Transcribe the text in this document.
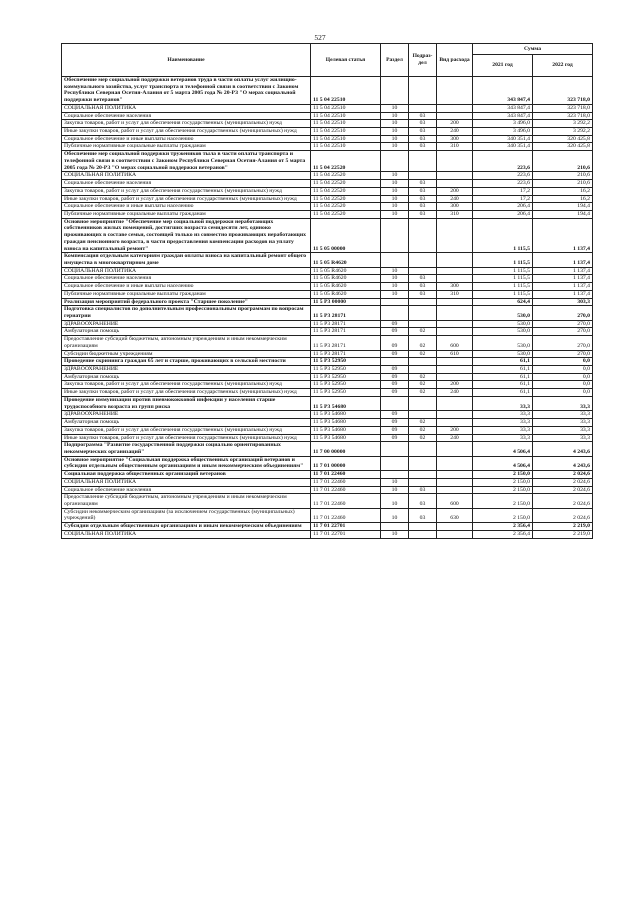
527
Наименование	Целевая статья	Раздел	Подраз-дел	Вид расхода	Сумма	
					2021 год	2022 год
Обеспечение мер социальной поддержки ветеранов труда в части оплаты услуг жилищно-коммунального хозяйства, услуг транспорта и телефонной связи в соответствии с Законом Республики Северная Осетия-Алания от 5 марта 2005 года № 20-РЗ "О мерах социальной поддержки ветеранов"	11 5 04 22510				343 847,4	323 718,0
СОЦИАЛЬНАЯ ПОЛИТИКА	11 5 04 22510	10			343 847,4	323 718,0
Социальное обеспечение населения	11 5 04 22510	10	03		343 847,4	323 718,0
Закупка товаров, работ и услуг для обеспечения государственных (муниципальных) нужд	11 5 04 22510	10	03	200	3 496,0	3 292,2
Иные закупки товаров, работ и услуг для обеспечения государственных (муниципальных) нужд	11 5 04 22510	10	03	240	3 496,0	3 292,2
Социальное обеспечение и иные выплаты населению	11 5 04 22510	10	03	300	340 351,4	320 425,8
Публичные нормативные социальные выплаты гражданам	11 5 04 22510	10	03	310	340 351,4	320 425,8
Обеспечение мер социальной поддержки тружеников тыла в части оплаты транспорта и телефонной связи в соответствии с Законом Республики Северная Осетия-Алания от 5 марта 2005 года № 20-РЗ "О мерах социальной поддержки ветеранов"	11 5 04 22520				223,6	210,6
СОЦИАЛЬНАЯ ПОЛИТИКА	11 5 04 22520	10			223,6	210,6
Социальное обеспечение населения	11 5 04 22520	10	03		223,6	210,6
Закупка товаров, работ и услуг для обеспечения государственных (муниципальных) нужд	11 5 04 22520	10	03	200	17,2	16,2
Иные закупки товаров, работ и услуг для обеспечения государственных (муниципальных) нужд	11 5 04 22520	10	03	240	17,2	16,2
Социальное обеспечение и иные выплаты населению	11 5 04 22520	10	03	300	206,4	194,4
Публичные нормативные социальные выплаты гражданам	11 5 04 22520	10	03	310	206,4	194,4
Основное мероприятие "Обеспечение мер социальной поддержки неработающих собственников жилых помещений, достигших возраста семидесяти лет, одиноко проживающих в составе семьи, состоящей только из совместно проживающих неработающих граждан пенсионного возраста, в части предоставления компенсации расходов на уплату взноса на капитальный ремонт"	11 5 05 00000				1 115,5	1 137,4
Компенсация отдельным категориям граждан оплаты взноса на капитальный ремонт общего имущества в многоквартирном доме	11 5 05 R4620				1 115,5	1 137,4
СОЦИАЛЬНАЯ ПОЛИТИКА	11 5 05 R4620	10			1 115,5	1 137,4
Социальное обеспечение населения	11 5 05 R4620	10	03		1 115,5	1 137,4
Социальное обеспечение и иные выплаты населению	11 5 05 R4620	10	03	300	1 115,5	1 137,4
Публичные нормативные социальные выплаты гражданам	11 5 05 R4620	10	03	310	1 115,5	1 137,4
Реализация мероприятий федерального проекта "Старшее поколение"	11 5 P3 00000				624,4	303,3
Подготовка специалистов по дополнительным профессиональным программам по вопросам гериатрии	11 5 P3 28171				530,0	270,0
ЗДРАВООХРАНЕНИЕ	11 5 P3 28171	09			530,0	270,0
Амбулаторная помощь	11 5 P3 28171	09	02		530,0	270,0
Предоставление субсидий бюджетным, автономным учреждениям и иным некоммерческим организациям	11 5 P3 28171	09	02	600	530,0	270,0
Субсидии бюджетным учреждениям	11 5 P3 28171	09	02	610	530,0	270,0
Проведение скрининга граждан 65 лет и старше, проживающих в сельской местности	11 5 P3 52950				61,1	0,0
ЗДРАВООХРАНЕНИЕ	11 5 P3 52950	09			61,1	0,0
Амбулаторная помощь	11 5 P3 52950	09	02		61,1	0,0
Закупка товаров, работ и услуг для обеспечения государственных (муниципальных) нужд	11 5 P3 52950	09	02	200	61,1	0,0
Иные закупки товаров, работ и услуг для обеспечения государственных (муниципальных) нужд	11 5 P3 52950	09	02	240	61,1	0,0
Проведение иммунизации против пневмококковой инфекции у населения старше трудоспособного возраста из групп риска	11 5 P3 54680				33,3	33,3
ЗДРАВООХРАНЕНИЕ	11 5 P3 54680	09			33,3	33,3
Амбулаторная помощь	11 5 P3 54680	09	02		33,3	33,3
Закупка товаров, работ и услуг для обеспечения государственных (муниципальных) нужд	11 5 P3 54680	09	02	200	33,3	33,3
Иные закупки товаров, работ и услуг для обеспечения государственных (муниципальных) нужд	11 5 P3 54680	09	02	240	33,3	33,3
Подпрограмма "Развитие государственной поддержки социально ориентированных некоммерческих организаций"	11 7 00 00000				4 506,4	4 243,6
Основное мероприятие "Социальная поддержка общественных организаций ветеранов и субсидии отдельным общественным организациям и иным некоммерческим объединениям"	11 7 01 00000				4 506,4	4 243,6
Социальная поддержка общественных организаций ветеранов	11 7 01 22460				2 150,0	2 024,6
СОЦИАЛЬНАЯ ПОЛИТИКА	11 7 01 22460	10			2 150,0	2 024,6
Социальное обеспечение населения	11 7 01 22460	10	03		2 150,0	2 024,6
Предоставление субсидий бюджетным, автономным учреждениям и иным некоммерческим организациям	11 7 01 22460	10	03	600	2 150,0	2 024,6
Субсидии некоммерческим организациям (за исключением государственных (муниципальных) учреждений)	11 7 01 22460	10	03	630	2 150,0	2 024,6
Субсидии отдельным общественным организациям и иным некоммерческим объединениям	11 7 01 22701				2 356,4	2 219,0
СОЦИАЛЬНАЯ ПОЛИТИКА	11 7 01 22701	10			2 356,4	2 219,0
